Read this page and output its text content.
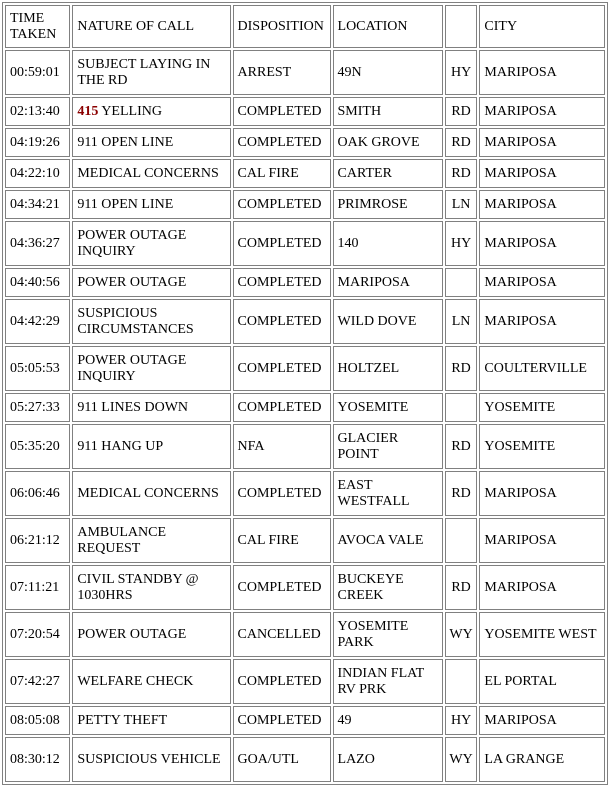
TIME TAKEN	NATURE OF CALL	DISPOSITION	LOCATION		CITY
00:59:01	SUBJECT LAYING IN THE RD	ARREST	49N	HY	MARIPOSA
02:13:40	415 YELLING	COMPLETED	SMITH	RD	MARIPOSA
04:19:26	911 OPEN LINE	COMPLETED	OAK GROVE	RD	MARIPOSA
04:22:10	MEDICAL CONCERNS	CAL FIRE	CARTER	RD	MARIPOSA
04:34:21	911 OPEN LINE	COMPLETED	PRIMROSE	LN	MARIPOSA
04:36:27	POWER OUTAGE INQUIRY	COMPLETED	140	HY	MARIPOSA
04:40:56	POWER OUTAGE	COMPLETED	MARIPOSA		MARIPOSA
04:42:29	SUSPICIOUS CIRCUMSTANCES	COMPLETED	WILD DOVE	LN	MARIPOSA
05:05:53	POWER OUTAGE INQUIRY	COMPLETED	HOLTZEL	RD	COULTERVILLE
05:27:33	911 LINES DOWN	COMPLETED	YOSEMITE		YOSEMITE
05:35:20	911 HANG UP	NFA	GLACIER POINT	RD	YOSEMITE
06:06:46	MEDICAL CONCERNS	COMPLETED	EAST WESTFALL	RD	MARIPOSA
06:21:12	AMBULANCE REQUEST	CAL FIRE	AVOCA VALE		MARIPOSA
07:11:21	CIVIL STANDBY @ 1030HRS	COMPLETED	BUCKEYE CREEK	RD	MARIPOSA
07:20:54	POWER OUTAGE	CANCELLED	YOSEMITE PARK	WY	YOSEMITE WEST
07:42:27	WELFARE CHECK	COMPLETED	INDIAN FLAT RV PRK		EL PORTAL
08:05:08	PETTY THEFT	COMPLETED	49	HY	MARIPOSA
08:30:12	SUSPICIOUS VEHICLE	GOA/UTL	LAZO	WY	LA GRANGE
